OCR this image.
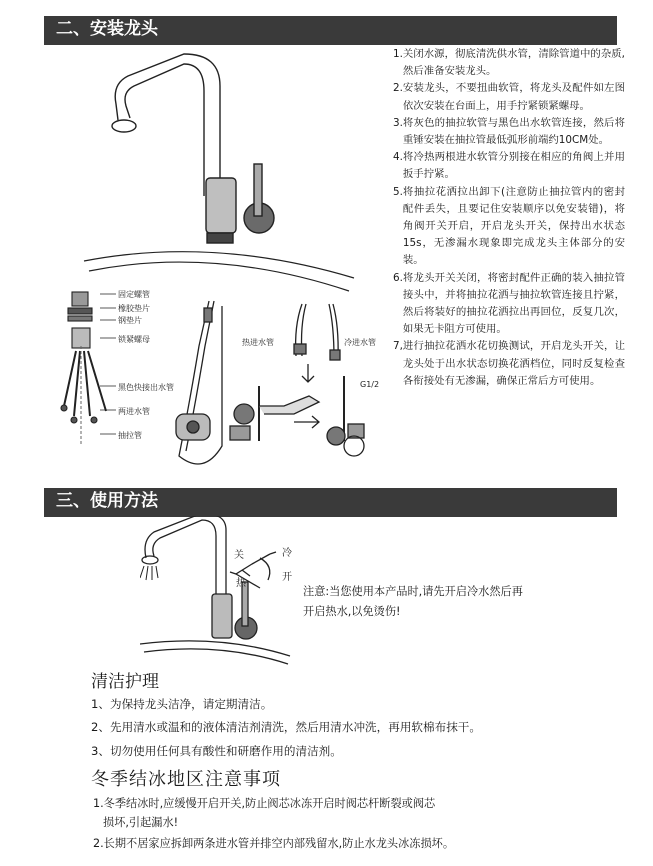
二、安装龙头
固定螺管
橡胶垫片
钢垫片
锁紧螺母
黑色快接出水管
两进水管
抽拉管
热进水管	冷进水管
G1/2
1. 关闭水源，彻底清洗供水管，清除管道中的杂质,然后准备安装龙头。
2. 安装龙头，不要扭曲软管，将龙头及配件如左图依次安装在台面上，用手拧紧锁紧螺母。
3. 将灰色的抽拉软管与黑色出水软管连接，然后将重锤安装在抽拉管最低弧形前端约10CM处。
4. 将冷热两根进水软管分别接在相应的角阀上并用扳手拧紧。
5. 将抽拉花洒拉出卸下(注意防止抽拉管内的密封配件丢失，且要记住安装顺序以免安装错)，将角阀开关开启，开启龙头开关，保持出水状态15s，无渗漏水现象即完成龙头主体部分的安装。
6. 将龙头开关关闭，将密封配件正确的装入抽拉管接头中，并将抽拉花洒与抽拉软管连接且拧紧，然后将装好的抽拉花洒拉出再回位，反复几次，如果无卡阻方可使用。
7, 进行抽拉花洒水花切换测试，开启龙头开关，让龙头处于出水状态切换花洒档位，同时反复检查各衔接处有无渗漏，确保正常后方可使用。
三、使用方法
关	冷
热
开
注意:当您使用本产品时,请先开启冷水然后再
开启热水,以免烫伤!
清洁护理
1、为保持龙头洁净，请定期清洁。
2、先用清水或温和的液体清洁剂清洗，然后用清水冲洗，再用软棉布抹干。
3、切勿使用任何具有酸性和研磨作用的清洁剂。
冬季结冰地区注意事项
1.冬季结冰时,应缓慢开启开关,防止阀芯冰冻开启时阀芯杆断裂或阀芯
损坏,引起漏水!
2.长期不居家应拆卸两条进水管并排空内部残留水,防止水龙头冰冻损坏。
